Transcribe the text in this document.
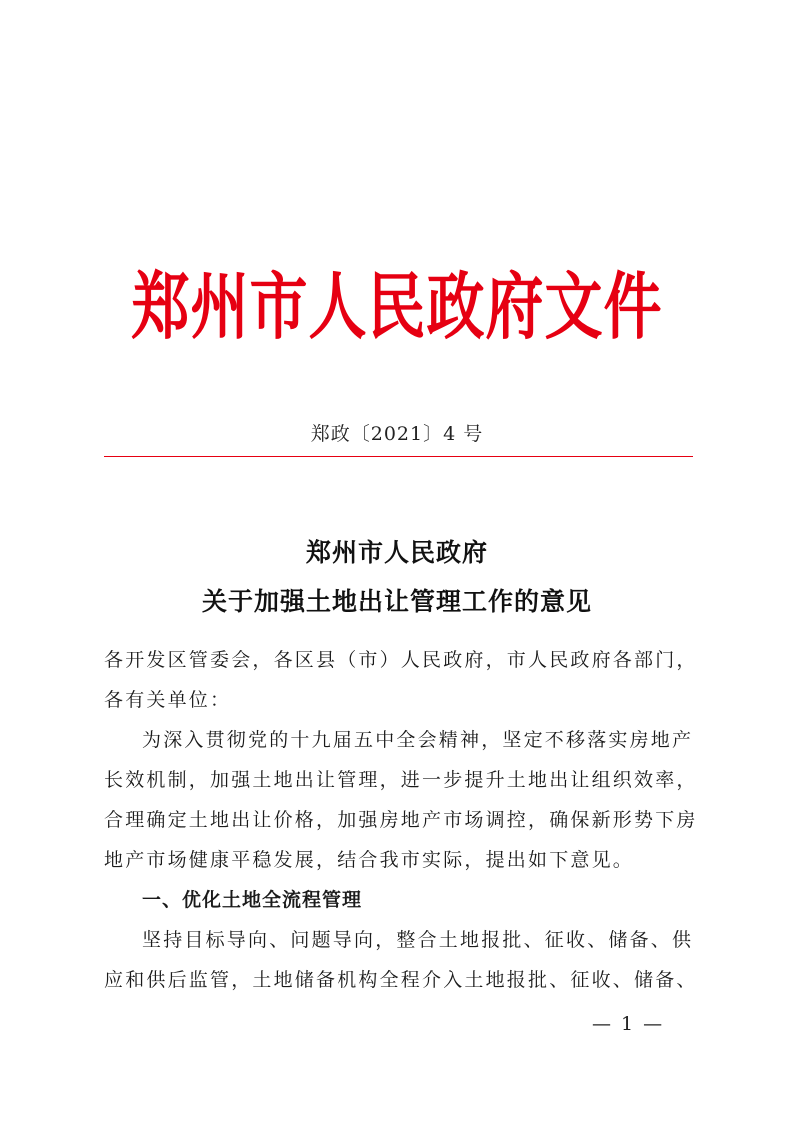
郑州市人民政府文件
郑政〔2021〕4 号
郑州市人民政府
关于加强土地出让管理工作的意见
各开发区管委会，各区县（市）人民政府，市人民政府各部门，
各有关单位：
为深入贯彻党的十九届五中全会精神，坚定不移落实房地产
长效机制，加强土地出让管理，进一步提升土地出让组织效率，
合理确定土地出让价格，加强房地产市场调控，确保新形势下房
地产市场健康平稳发展，结合我市实际，提出如下意见。
一、优化土地全流程管理
坚持目标导向、问题导向，整合土地报批、征收、储备、供
应和供后监管，土地储备机构全程介入土地报批、征收、储备、
— 1 —
